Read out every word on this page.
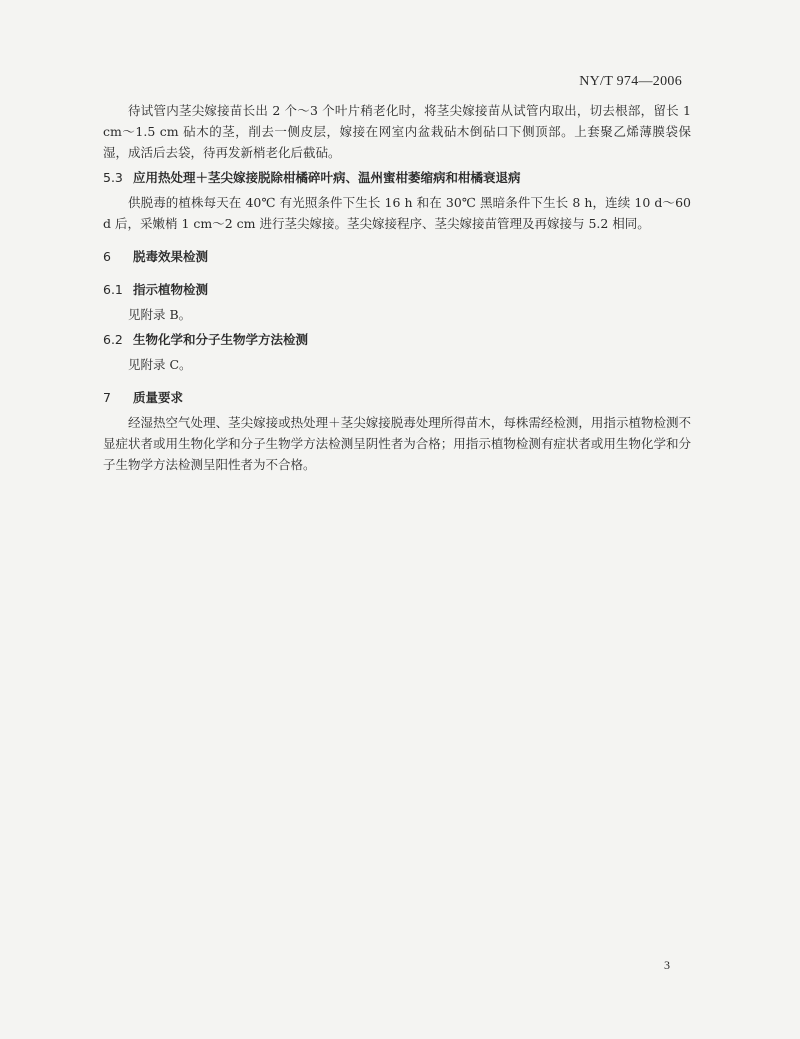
NY/T 974—2006

待试管内茎尖嫁接苗长出 2 个～3 个叶片稍老化时，将茎尖嫁接苗从试管内取出，切去根部，留长 1 cm～1.5 cm 砧木的茎，削去一侧皮层，嫁接在网室内盆栽砧木倒砧口下侧顶部。上套聚乙烯薄膜袋保湿，成活后去袋，待再发新梢老化后截砧。

5.3 应用热处理＋茎尖嫁接脱除柑橘碎叶病、温州蜜柑萎缩病和柑橘衰退病

供脱毒的植株每天在 40℃ 有光照条件下生长 16 h 和在 30℃ 黑暗条件下生长 8 h，连续 10 d～60 d 后，采嫩梢 1 cm～2 cm 进行茎尖嫁接。茎尖嫁接程序、茎尖嫁接苗管理及再嫁接与 5.2 相同。

6 脱毒效果检测
6.1 指示植物检测

见附录 B。

6.2 生物化学和分子生物学方法检测

见附录 C。

7 质量要求

经湿热空气处理、茎尖嫁接或热处理＋茎尖嫁接脱毒处理所得苗木，每株需经检测，用指示植物检测不显症状者或用生物化学和分子生物学方法检测呈阴性者为合格；用指示植物检测有症状者或用生物化学和分子生物学方法检测呈阳性者为不合格。

3
